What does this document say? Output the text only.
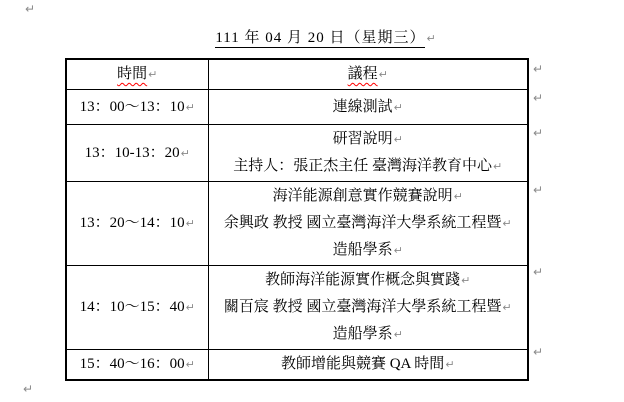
↵
111 年 04 月 20 日（星期三）↵
時間↵	議程↵
13：00～13：10↵	連線測試↵

13：10-13：20↵	研習說明↵
主持人：張正杰主任 臺灣海洋教育中心↵

13：20～14：10↵	海洋能源創意實作競賽說明↵
余興政 教授 國立臺灣海洋大學系統工程暨↵
造船學系↵

14：10～15：40↵	教師海洋能源實作概念與實踐↵
關百宸 教授 國立臺灣海洋大學系統工程暨↵
造船學系↵

15：40～16：00↵	教師增能與競賽 QA 時間↵
↵
↵
↵
↵
↵
↵
↵
